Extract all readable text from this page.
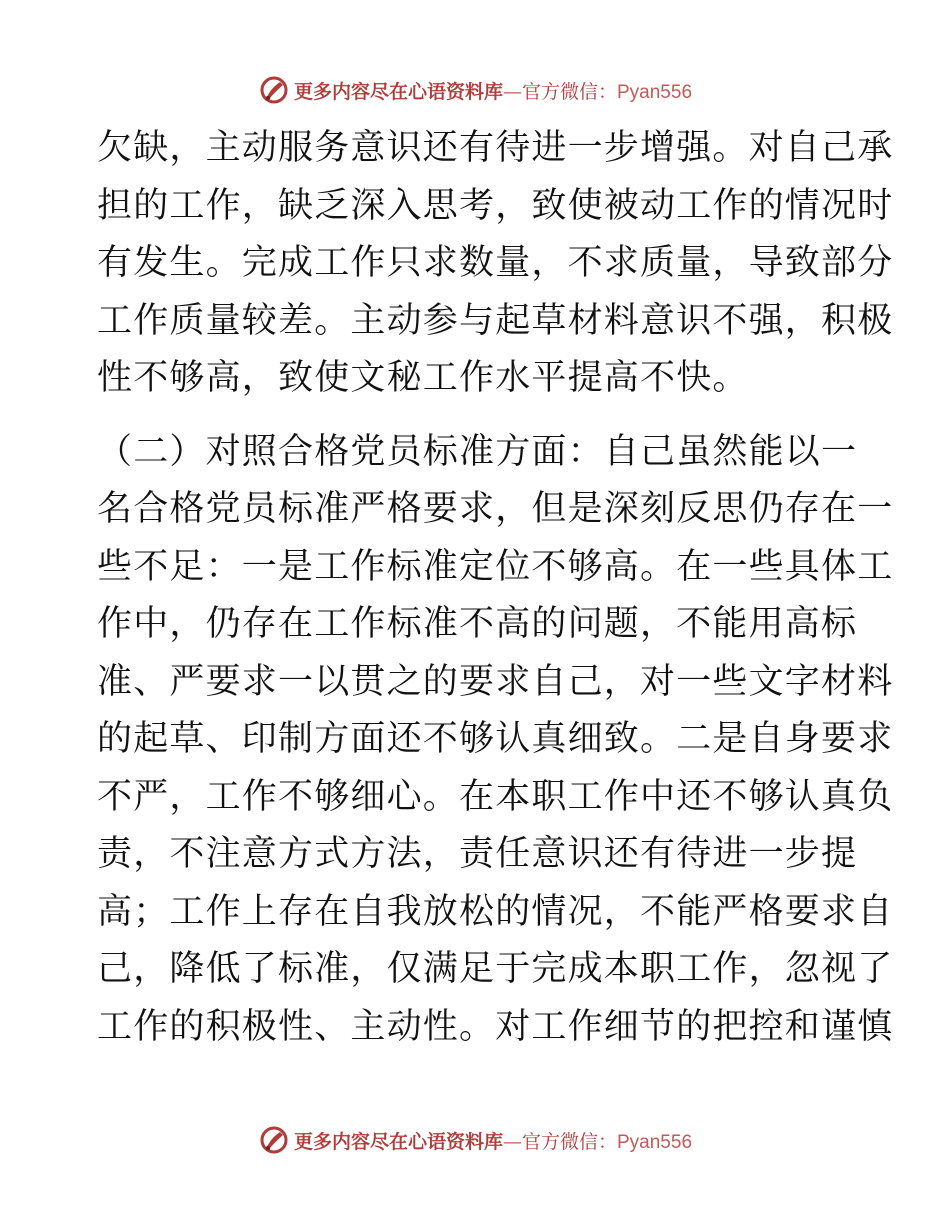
更多内容尽在心语资料库—官方微信：Pyan556
欠缺，主动服务意识还有待进一步增强。对自己承
担的工作，缺乏深入思考，致使被动工作的情况时
有发生。完成工作只求数量，不求质量，导致部分
工作质量较差。主动参与起草材料意识不强，积极
性不够高，致使文秘工作水平提高不快。
（二）对照合格党员标准方面：自己虽然能以一
名合格党员标准严格要求，但是深刻反思仍存在一
些不足：一是工作标准定位不够高。在一些具体工
作中，仍存在工作标准不高的问题，不能用高标
准、严要求一以贯之的要求自己，对一些文字材料
的起草、印制方面还不够认真细致。二是自身要求
不严，工作不够细心。在本职工作中还不够认真负
责，不注意方式方法，责任意识还有待进一步提
高；工作上存在自我放松的情况，不能严格要求自
己，降低了标准，仅满足于完成本职工作，忽视了
工作的积极性、主动性。对工作细节的把控和谨慎
更多内容尽在心语资料库—官方微信：Pyan556
